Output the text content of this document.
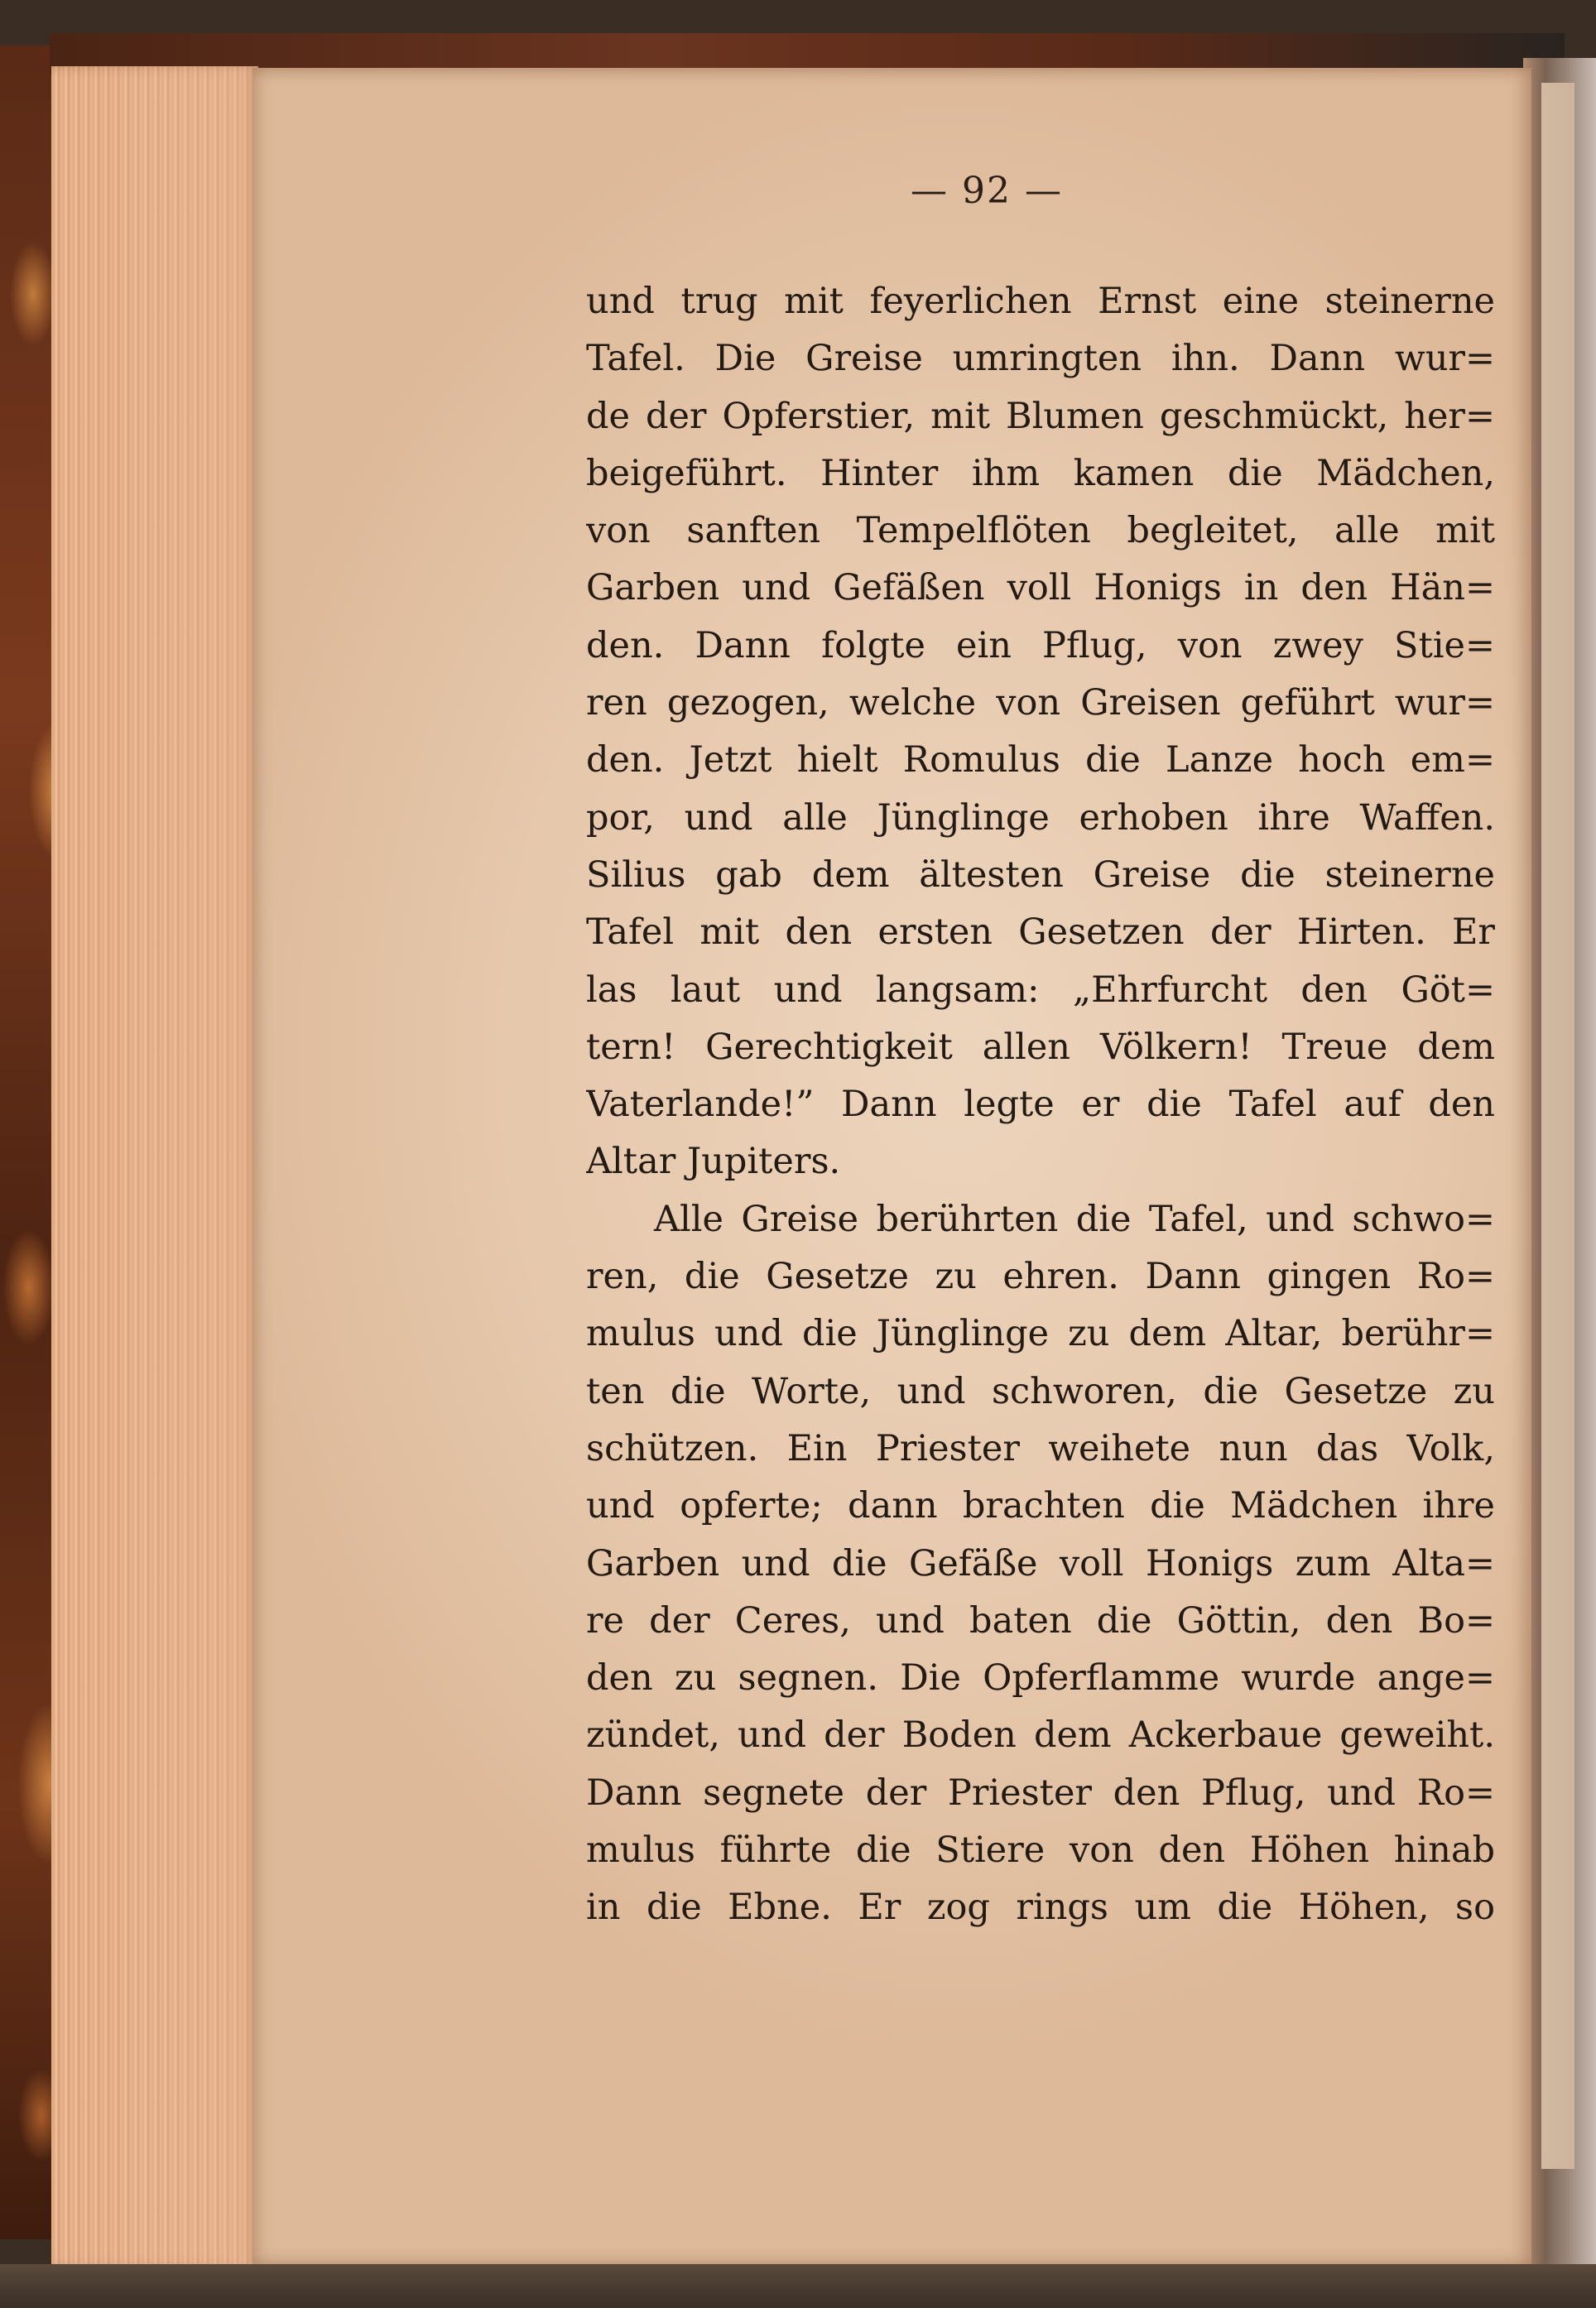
— 92 —
und trug mit feyerlichen Ernst eine steinerne
Tafel. Die Greise umringten ihn. Dann wur=
de der Opferstier, mit Blumen geschmückt, her=
beigeführt. Hinter ihm kamen die Mädchen,
von sanften Tempelflöten begleitet, alle mit
Garben und Gefäßen voll Honigs in den Hän=
den. Dann folgte ein Pflug, von zwey Stie=
ren gezogen, welche von Greisen geführt wur=
den. Jetzt hielt Romulus die Lanze hoch em=
por, und alle Jünglinge erhoben ihre Waffen.
Silius gab dem ältesten Greise die steinerne
Tafel mit den ersten Gesetzen der Hirten. Er
las laut und langsam: „Ehrfurcht den Göt=
tern! Gerechtigkeit allen Völkern! Treue dem
Vaterlande!” Dann legte er die Tafel auf den
Altar Jupiters.
Alle Greise berührten die Tafel, und schwo=
ren, die Gesetze zu ehren. Dann gingen Ro=
mulus und die Jünglinge zu dem Altar, berühr=
ten die Worte, und schworen, die Gesetze zu
schützen. Ein Priester weihete nun das Volk,
und opferte; dann brachten die Mädchen ihre
Garben und die Gefäße voll Honigs zum Alta=
re der Ceres, und baten die Göttin, den Bo=
den zu segnen. Die Opferflamme wurde ange=
zündet, und der Boden dem Ackerbaue geweiht.
Dann segnete der Priester den Pflug, und Ro=
mulus führte die Stiere von den Höhen hinab
in die Ebne. Er zog rings um die Höhen, so
